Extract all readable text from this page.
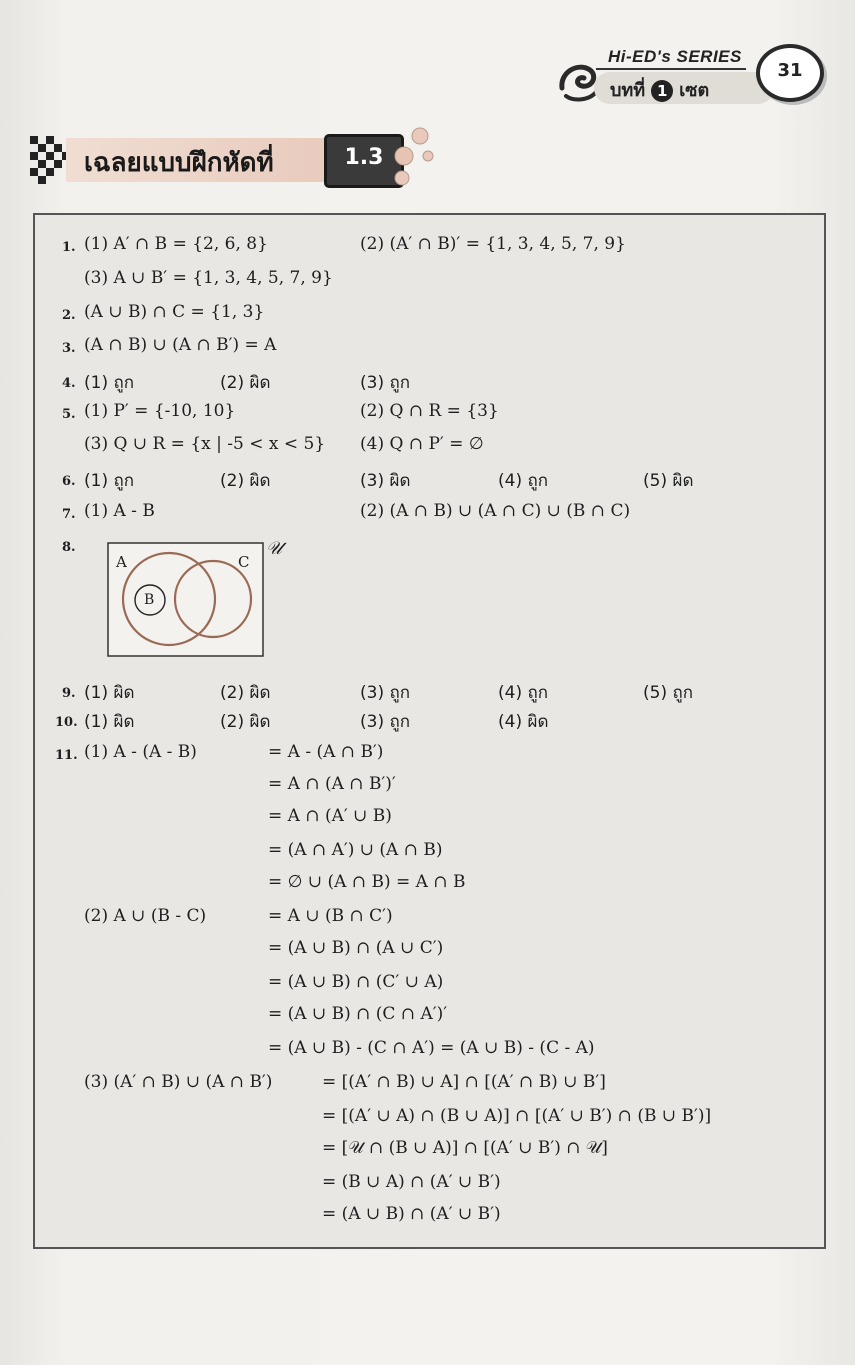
Hi-ED's SERIES
บทที่ 1 เซต
31
เฉลยแบบฝึกหัดที่	1.3
1. (1) A′ ∩ B = {2, 6, 8}	(2) (A′ ∩ B)′ = {1, 3, 4, 5, 7, 9}
(3) A ∪ B′ = {1, 3, 4, 5, 7, 9}
2. (A ∪ B) ∩ C = {1, 3}
3. (A ∩ B) ∪ (A ∩ B′) = A
4. (1) ถูก	(2) ผิด	(3) ถูก
5. (1) P′ = {-10, 10}	(2) Q ∩ R = {3}
(3) Q ∪ R = {x | -5 < x < 5} (4) Q ∩ P′ = ∅
6. (1) ถูก	(2) ผิด	(3) ผิด	(4) ถูก	(5) ผิด
7. (1) A - B	(2) (A ∩ B) ∪ (A ∩ C) ∪ (B ∩ C)
8.
A	C
B
𝒰
9. (1) ผิด	(2) ผิด	(3) ถูก	(4) ถูก	(5) ถูก
10. (1) ผิด	(2) ผิด	(3) ถูก	(4) ผิด
11. (1) A - (A - B)	= A - (A ∩ B′)
= A ∩ (A ∩ B′)′
= A ∩ (A′ ∪ B)
= (A ∩ A′) ∪ (A ∩ B)
= ∅ ∪ (A ∩ B) = A ∩ B
(2) A ∪ (B - C)	= A ∪ (B ∩ C′)
= (A ∪ B) ∩ (A ∪ C′)
= (A ∪ B) ∩ (C′ ∪ A)
= (A ∪ B) ∩ (C ∩ A′)′
= (A ∪ B) - (C ∩ A′) = (A ∪ B) - (C - A)
(3) (A′ ∩ B) ∪ (A ∩ B′)	= [(A′ ∩ B) ∪ A] ∩ [(A′ ∩ B) ∪ B′]
= [(A′ ∪ A) ∩ (B ∪ A)] ∩ [(A′ ∪ B′) ∩ (B ∪ B′)]
= [𝒰 ∩ (B ∪ A)] ∩ [(A′ ∪ B′) ∩ 𝒰]
= (B ∪ A) ∩ (A′ ∪ B′)
= (A ∪ B) ∩ (A′ ∪ B′)
